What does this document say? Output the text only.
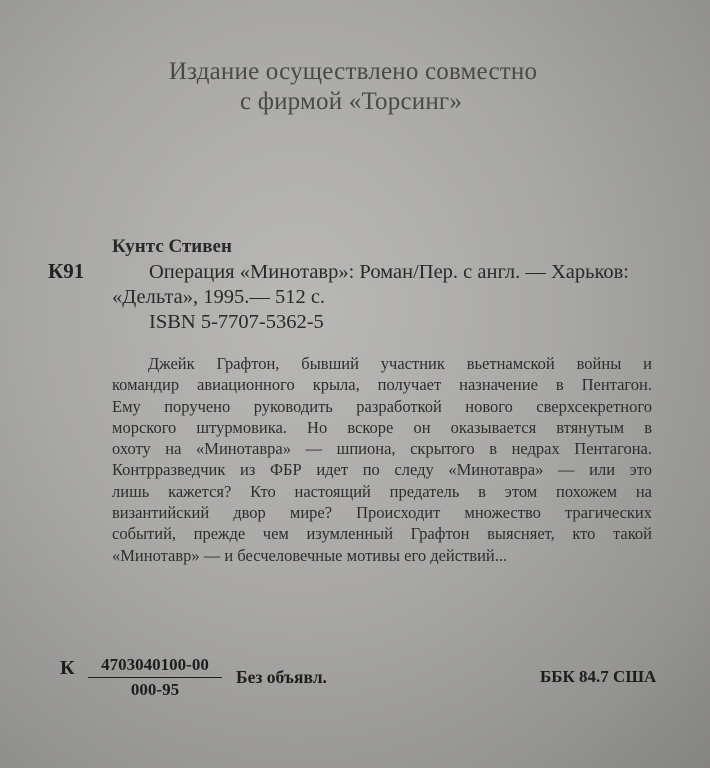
Издание осуществлено совместно
с фирмой «Торсинг»
К91
Кунтс Стивен
Операция «Минотавр»: Роман/Пер. с англ. — Харьков:
«Дельта», 1995.— 512 с.
ISBN 5-7707-5362-5
Джейк Графтон, бывший участник вьетнамской войны и
командир авиационного крыла, получает назначение в Пентагон.
Ему поручено руководить разработкой нового сверхсекретного
морского штурмовика. Но вскоре он оказывается втянутым в
охоту на «Минотавра» — шпиона, скрытого в недрах Пентагона.
Контрразведчик из ФБР идет по следу «Минотавра» — или это
лишь кажется? Кто настоящий предатель в этом похожем на
византийский двор мире? Происходит множество трагических
событий, прежде чем изумленный Графтон выясняет, кто такой
«Минотавр» — и бесчеловечные мотивы его действий...
К $\frac{4703040100-00}{000-95}$ Без объявл.	ББК 84.7 США
